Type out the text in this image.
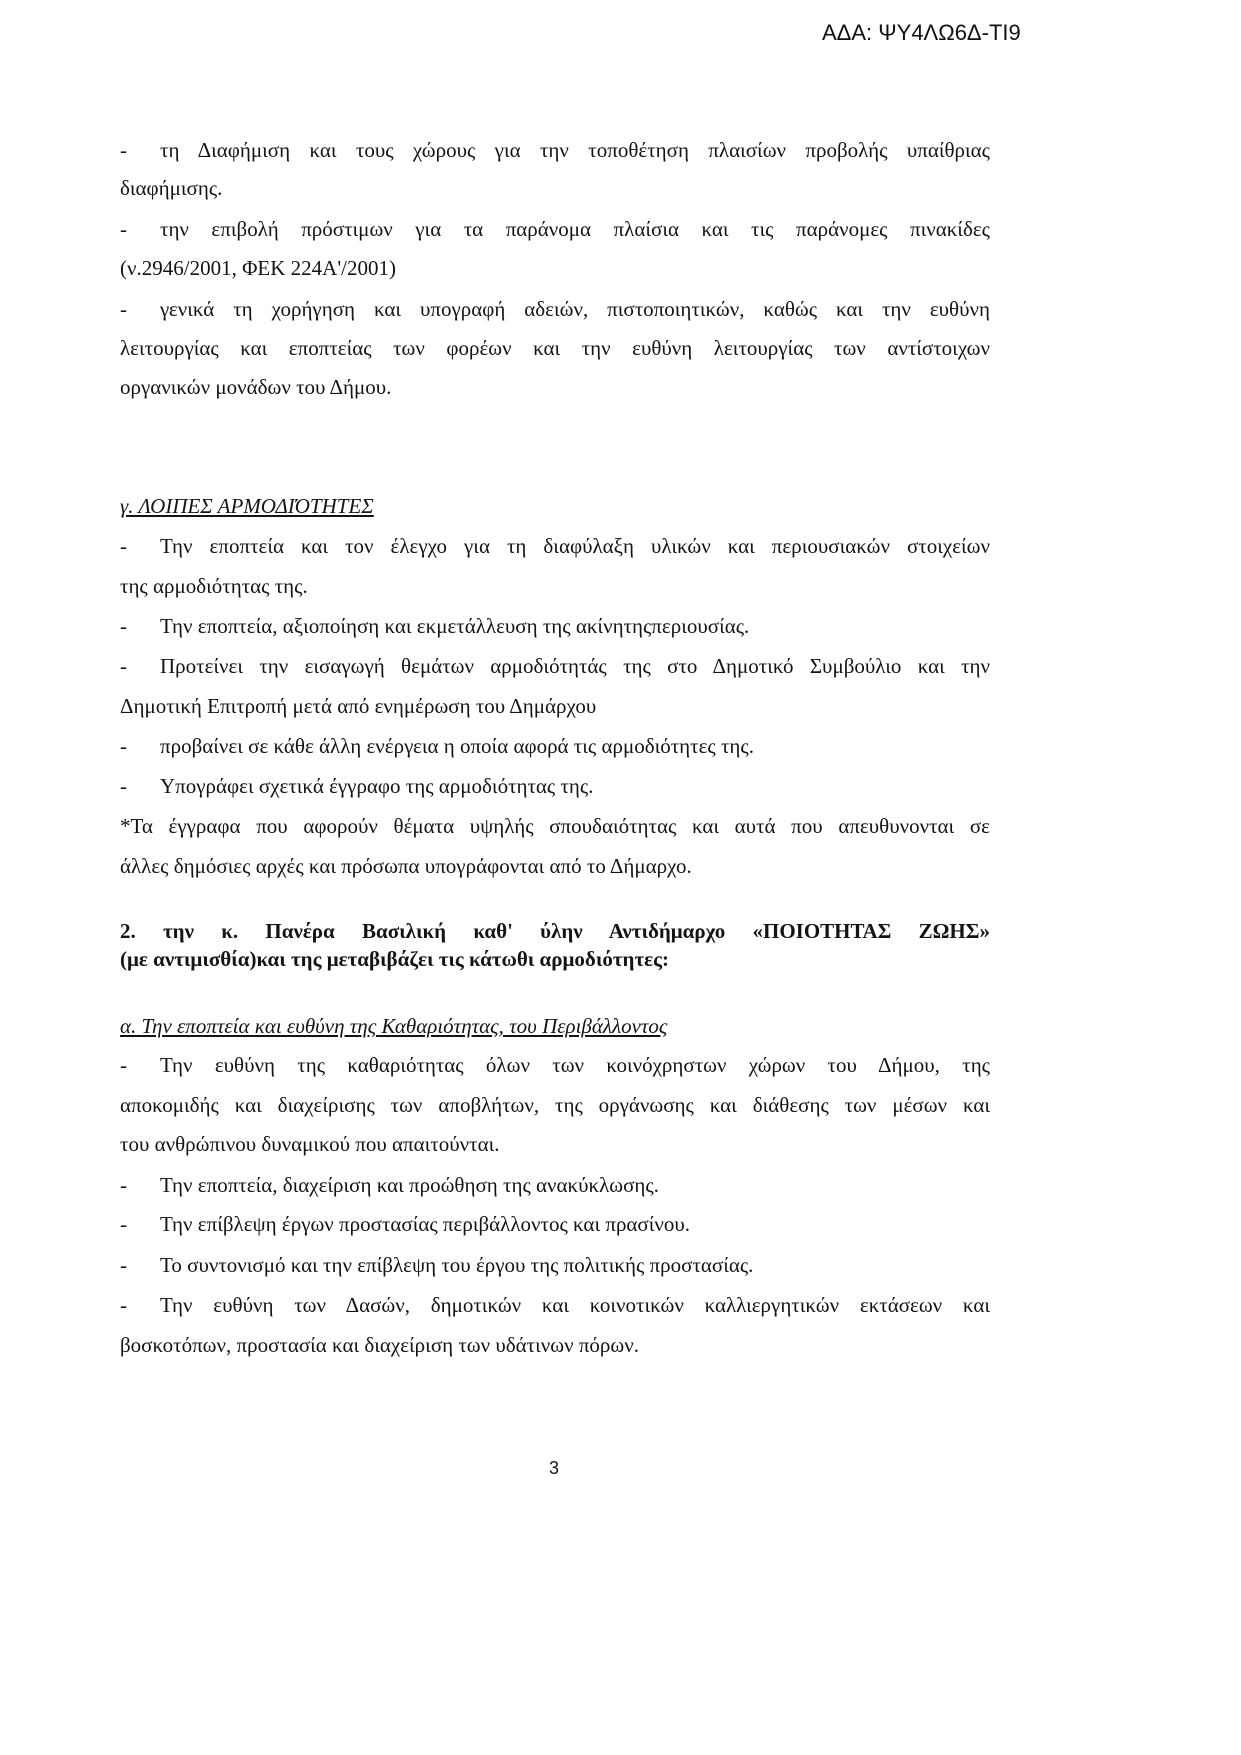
ΑΔΑ: ΨΥ4ΛΩ6Δ-ΤΙ9
-	τη Διαφήμιση και τους χώρους για την τοποθέτηση πλαισίων προβολής υπαίθριας
διαφήμισης.
-	την επιβολή πρόστιμων για τα παράνομα πλαίσια και τις παράνομες πινακίδες
(ν.2946/2001, ΦΕΚ 224Α'/2001)
-	γενικά τη χορήγηση και υπογραφή αδειών, πιστοποιητικών, καθώς και την ευθύνη
λειτουργίας και εποπτείας των φορέων και την ευθύνη λειτουργίας των αντίστοιχων
οργανικών μονάδων του Δήμου.
γ. ΛΟΙΠΕΣ ΑΡΜΟΔΙΌΤΗΤΕΣ
-	Την εποπτεία και τον έλεγχο για τη διαφύλαξη υλικών και περιουσιακών στοιχείων
της αρμοδιότητας της.
-	Την εποπτεία, αξιοποίηση και εκμετάλλευση της ακίνητηςπεριουσίας.
-	Προτείνει την εισαγωγή θεμάτων αρμοδιότητάς της στο Δημοτικό Συμβούλιο και την
Δημοτική Επιτροπή μετά από ενημέρωση του Δημάρχου
-	προβαίνει σε κάθε άλλη ενέργεια η οποία αφορά τις αρμοδιότητες της.
-	Υπογράφει σχετικά έγγραφο της αρμοδιότητας της.
*Τα έγγραφα που αφορούν θέματα υψηλής σπουδαιότητας και αυτά που απευθυνονται σε
άλλες δημόσιες αρχές και πρόσωπα υπογράφονται από το Δήμαρχο.
2. την κ. Πανέρα Βασιλική καθ' ύλην Αντιδήμαρχο «ΠΟΙΟΤΗΤΑΣ ΖΩΗΣ»
(με αντιμισθία)και της μεταβιβάζει τις κάτωθι αρμοδιότητες:
α. Την εποπτεία και ευθύνη της Καθαριότητας, του Περιβάλλοντος
-	Την ευθύνη της καθαριότητας όλων των κοινόχρηστων χώρων του Δήμου, της
αποκομιδής και διαχείρισης των αποβλήτων, της οργάνωσης και διάθεσης των μέσων και
του ανθρώπινου δυναμικού που απαιτούνται.
-	Την εποπτεία, διαχείριση και προώθηση της ανακύκλωσης.
-	Την επίβλεψη έργων προστασίας περιβάλλοντος και πρασίνου.
-	Το συντονισμό και την επίβλεψη του έργου της πολιτικής προστασίας.
-	Την ευθύνη των Δασών, δημοτικών και κοινοτικών καλλιεργητικών εκτάσεων και
βοσκοτόπων, προστασία και διαχείριση των υδάτινων πόρων.
3
